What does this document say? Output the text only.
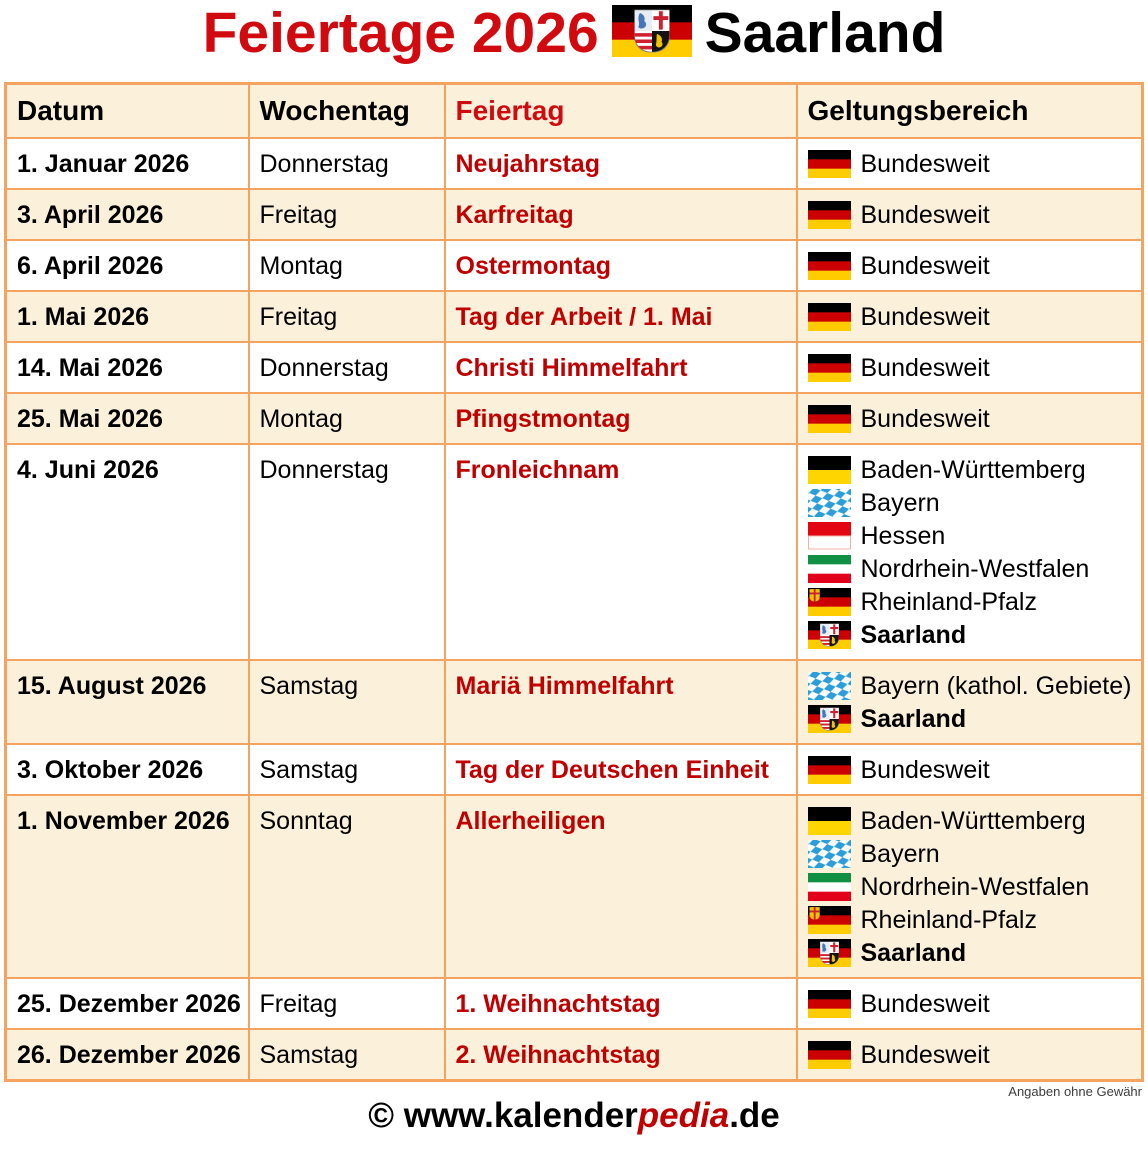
Feiertage 2026 Saarland
Datum	Wochentag	Feiertag	Geltungsbereich
1. Januar 2026	Donnerstag	Neujahrstag	Bundesweit

3. April 2026	Freitag	Karfreitag	Bundesweit

6. April 2026	Montag	Ostermontag	Bundesweit

1. Mai 2026	Freitag	Tag der Arbeit / 1. Mai	Bundesweit

14. Mai 2026	Donnerstag	Christi Himmelfahrt	Bundesweit

25. Mai 2026	Montag	Pfingstmontag	Bundesweit

4. Juni 2026	Donnerstag	Fronleichnam	Baden-Württemberg
Bayern
Hessen
Nordrhein-Westfalen
Rheinland-Pfalz
Saarland

15. August 2026	Samstag	Mariä Himmelfahrt	Bayern (kathol. Gebiete)
Saarland

3. Oktober 2026	Samstag	Tag der Deutschen Einheit	Bundesweit

1. November 2026	Sonntag	Allerheiligen	Baden-Württemberg
Bayern
Nordrhein-Westfalen
Rheinland-Pfalz
Saarland

25. Dezember 2026	Freitag	1. Weihnachtstag	Bundesweit

26. Dezember 2026	Samstag	2. Weihnachtstag	Bundesweit
Angaben ohne Gewähr
© www.kalenderpedia.de
